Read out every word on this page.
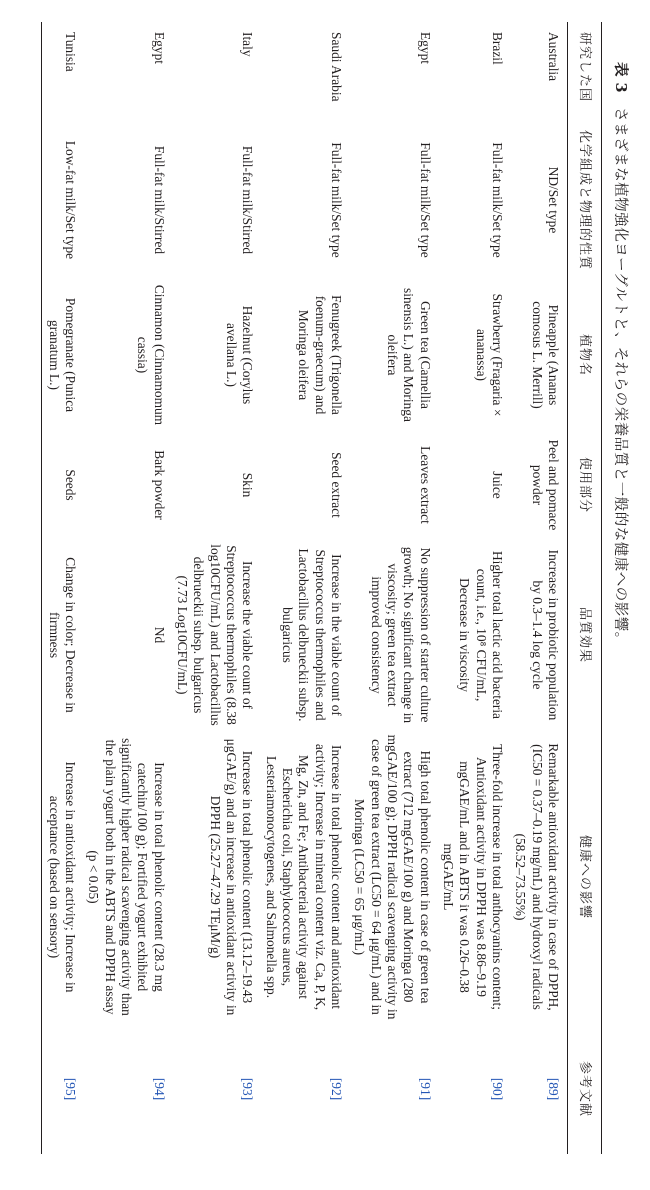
表 3さまざまな植物強化ヨーグルトと、それらの栄養品質と一般的な健康への影響。
研究した国	化学組成と物理的性質	植物名	使用部分	品質効果	健康への影響	参考文献
Australia	ND/Set type	Pineapple (Ananas comosus L. Merrill)	Peel and pomace powder	Increase in probiotic population by 0.3–1.4 log cycle	Remarkable antioxidant activity in case of DPPH, (IC50 = 0.37–0.19 mg/mL) and hydroxyl radicals (58.52–73.55%)	[89]
Brazil	Full-fat milk/Set type	Strawberry (Fragaria × ananassa)	Juice	Higher total lactic acid bacteria count, i.e., 10⁸ CFU/mL, Decrease in viscosity	Three-fold increase in total anthocyanins content; Antioxidant activity in DPPH was 8.86–9.19 mgGAE/mL and in ABTS it was 0.26–0.38 mgGAE/mL	[90]
Egypt	Full-fat milk/Set type	Green tea (Camellia sinensis L.) and Moringa oleifera	Leaves extract	No suppression of starter culture growth; No significant change in viscosity; green tea extract improved consistency	High total phenolic content in case of green tea extract (712 mgGAE/100 g) and Moringa (280 mgGAE/100 g); DPPH radical scavenging activity in case of green tea extract (LC50 = 64 μg/mL) and in Moringa (LC50 = 65 μg/mL)	[91]
Saudi Arabia	Full-fat milk/Set type	Fenugreek (Trigonella foenum-graecum) and Moringa oleifera	Seed extract	Increase in the viable count of Streptococcus thermophiles and Lactobacillus delbrueckii subsp. bulgaricus	Increase in total phenolic content and antioxidant activity; Increase in mineral content viz. Ca, P, K, Mg, Zn, and Fe; Antibacterial activity against Escherichia coli, Staphylococcus aureus, Lesteriamonocytogenes, and Salmonella spp.	[92]
Italy	Full-fat milk/Stirred	Hazelnut (Corylus avellana L.)	Skin	Increase the viable count of Streptococcus thermophiles (8.38 log10CFU/mL) and Lactobacillus delbrueckii subsp. bulgaricus (7.73 Log10CFU/mL)	Increase in total phenolic content (13.12–19.43 μgGAE/g) and an increase in antioxidant activity in DPPH (25.27–47.29 TEμM/g)	[93]
Egypt	Full-fat milk/Stirred	Cinnamon (Cinnamomum cassia)	Bark powder	Nd	Increase in total phenolic content (28.3 mg catechin/100 g); Fortified yogurt exhibited significantly higher radical scavenging activity than the plain yogurt both in the ABTS and DPPH assay (p < 0.05)	[94]
Tunisia	Low-fat milk/Set type	Pomegranate (Punica granatum L.)	Seeds	Change in color; Decrease in firmness	Increase in antioxidant activity; Increase in acceptance (based on sensory)	[95]
